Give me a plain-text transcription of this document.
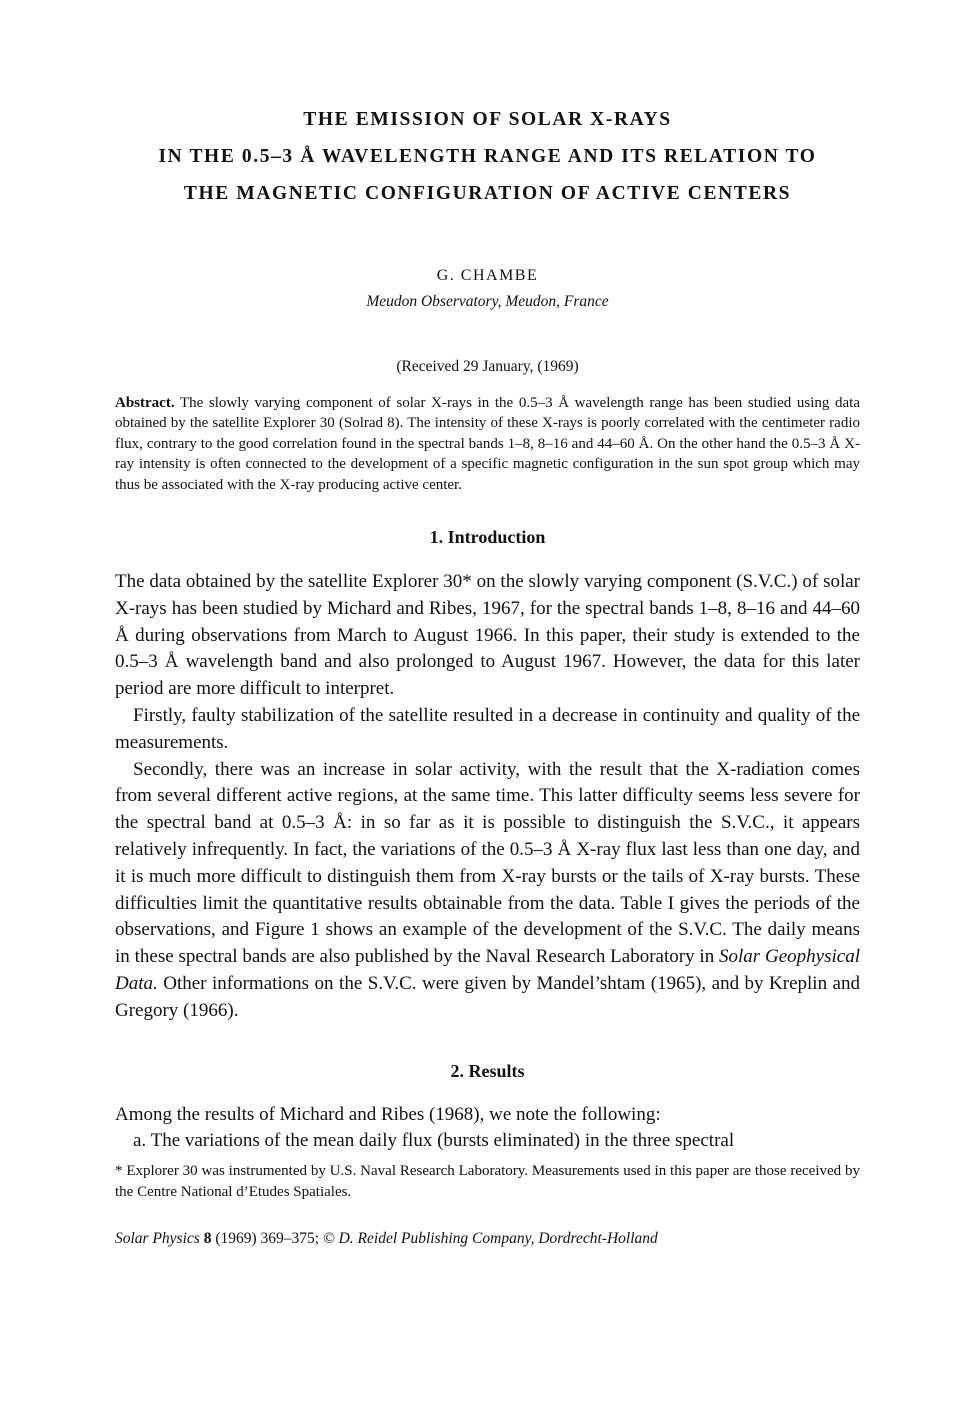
THE EMISSION OF SOLAR X-RAYS
IN THE 0.5–3 Å WAVELENGTH RANGE AND ITS RELATION TO
THE MAGNETIC CONFIGURATION OF ACTIVE CENTERS
G. CHAMBE
Meudon Observatory, Meudon, France
(Received 29 January, (1969)
Abstract. The slowly varying component of solar X-rays in the 0.5–3 Å wavelength range has been studied using data obtained by the satellite Explorer 30 (Solrad 8). The intensity of these X-rays is poorly correlated with the centimeter radio flux, contrary to the good correlation found in the spectral bands 1–8, 8–16 and 44–60 Å. On the other hand the 0.5–3 Å X-ray intensity is often connected to the development of a specific magnetic configuration in the sun spot group which may thus be associated with the X-ray producing active center.
1. Introduction

The data obtained by the satellite Explorer 30* on the slowly varying component (S.V.C.) of solar X-rays has been studied by Michard and Ribes, 1967, for the spectral bands 1–8, 8–16 and 44–60 Å during observations from March to August 1966. In this paper, their study is extended to the 0.5–3 Å wavelength band and also prolonged to August 1967. However, the data for this later period are more difficult to interpret.

Firstly, faulty stabilization of the satellite resulted in a decrease in continuity and quality of the measurements.

Secondly, there was an increase in solar activity, with the result that the X-radiation comes from several different active regions, at the same time. This latter difficulty seems less severe for the spectral band at 0.5–3 Å: in so far as it is possible to distinguish the S.V.C., it appears relatively infrequently. In fact, the variations of the 0.5–3 Å X-ray flux last less than one day, and it is much more difficult to distinguish them from X-ray bursts or the tails of X-ray bursts. These difficulties limit the quantitative results obtainable from the data. Table I gives the periods of the observations, and Figure 1 shows an example of the development of the S.V.C. The daily means in these spectral bands are also published by the Naval Research Laboratory in Solar Geophysical Data. Other informations on the S.V.C. were given by Mandel’shtam (1965), and by Kreplin and Gregory (1966).

2. Results

Among the results of Michard and Ribes (1968), we note the following:

a. The variations of the mean daily flux (bursts eliminated) in the three spectral

* Explorer 30 was instrumented by U.S. Naval Research Laboratory. Measurements used in this paper are those received by the Centre National d’Etudes Spatiales.
Solar Physics 8 (1969) 369–375; © D. Reidel Publishing Company, Dordrecht-Holland
